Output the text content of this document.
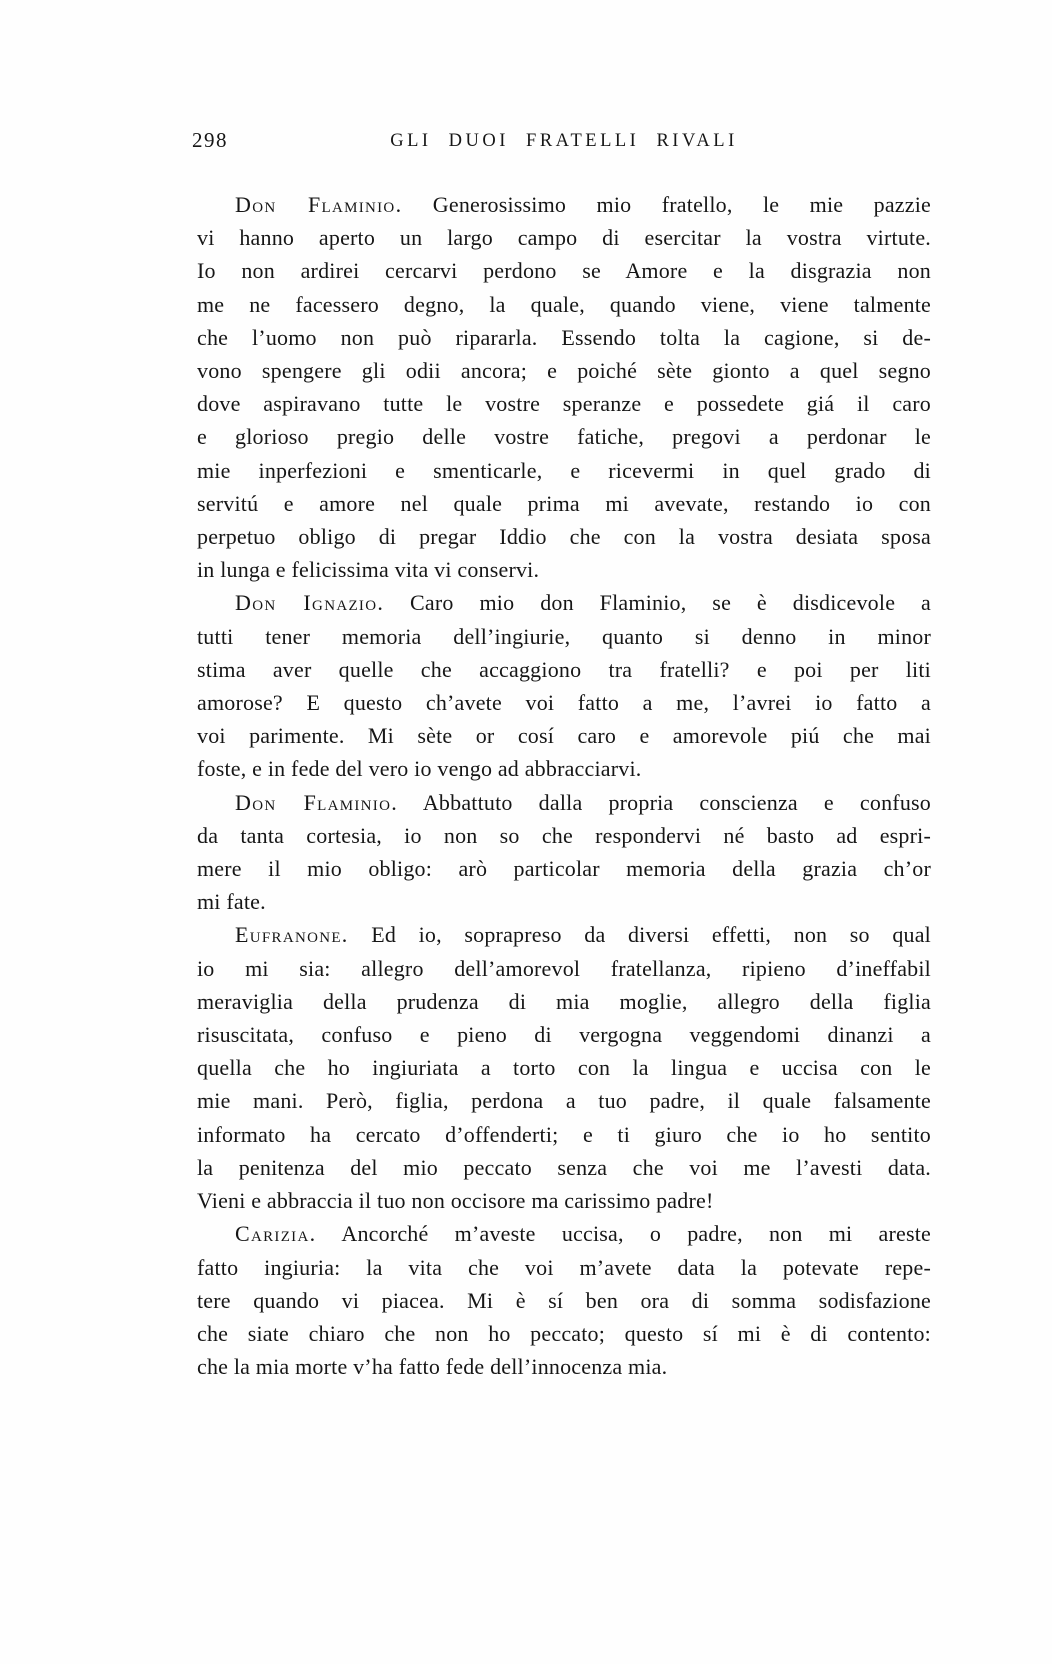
298	GLI DUOI FRATELLI RIVALI
Don Flaminio. Generosissimo mio fratello, le mie pazzie
vi hanno aperto un largo campo di esercitar la vostra virtute.
Io non ardirei cercarvi perdono se Amore e la disgrazia non
me ne facessero degno, la quale, quando viene, viene talmente
che l’uomo non può ripararla. Essendo tolta la cagione, si de-
vono spengere gli odii ancora; e poiché sète gionto a quel segno
dove aspiravano tutte le vostre speranze e possedete giá il caro
e glorioso pregio delle vostre fatiche, pregovi a perdonar le
mie inperfezioni e smenticarle, e ricevermi in quel grado di
servitú e amore nel quale prima mi avevate, restando io con
perpetuo obligo di pregar Iddio che con la vostra desiata sposa
in lunga e felicissima vita vi conservi.
Don Ignazio. Caro mio don Flaminio, se è disdicevole a
tutti tener memoria dell’ingiurie, quanto si denno in minor
stima aver quelle che accaggiono tra fratelli? e poi per liti
amorose? E questo ch’avete voi fatto a me, l’avrei io fatto a
voi parimente. Mi sète or cosí caro e amorevole piú che mai
foste, e in fede del vero io vengo ad abbracciarvi.
Don Flaminio. Abbattuto dalla propria conscienza e confuso
da tanta cortesia, io non so che respondervi né basto ad espri-
mere il mio obligo: arò particolar memoria della grazia ch’or
mi fate.
Eufranone. Ed io, soprapreso da diversi effetti, non so qual
io mi sia: allegro dell’amorevol fratellanza, ripieno d’ineffabil
meraviglia della prudenza di mia moglie, allegro della figlia
risuscitata, confuso e pieno di vergogna veggendomi dinanzi a
quella che ho ingiuriata a torto con la lingua e uccisa con le
mie mani. Però, figlia, perdona a tuo padre, il quale falsamente
informato ha cercato d’offenderti; e ti giuro che io ho sentito
la penitenza del mio peccato senza che voi me l’avesti data.
Vieni e abbraccia il tuo non occisore ma carissimo padre!
Carizia. Ancorché m’aveste uccisa, o padre, non mi areste
fatto ingiuria: la vita che voi m’avete data la potevate repe-
tere quando vi piacea. Mi è sí ben ora di somma sodisfazione
che siate chiaro che non ho peccato; questo sí mi è di contento:
che la mia morte v’ha fatto fede dell’innocenza mia.
